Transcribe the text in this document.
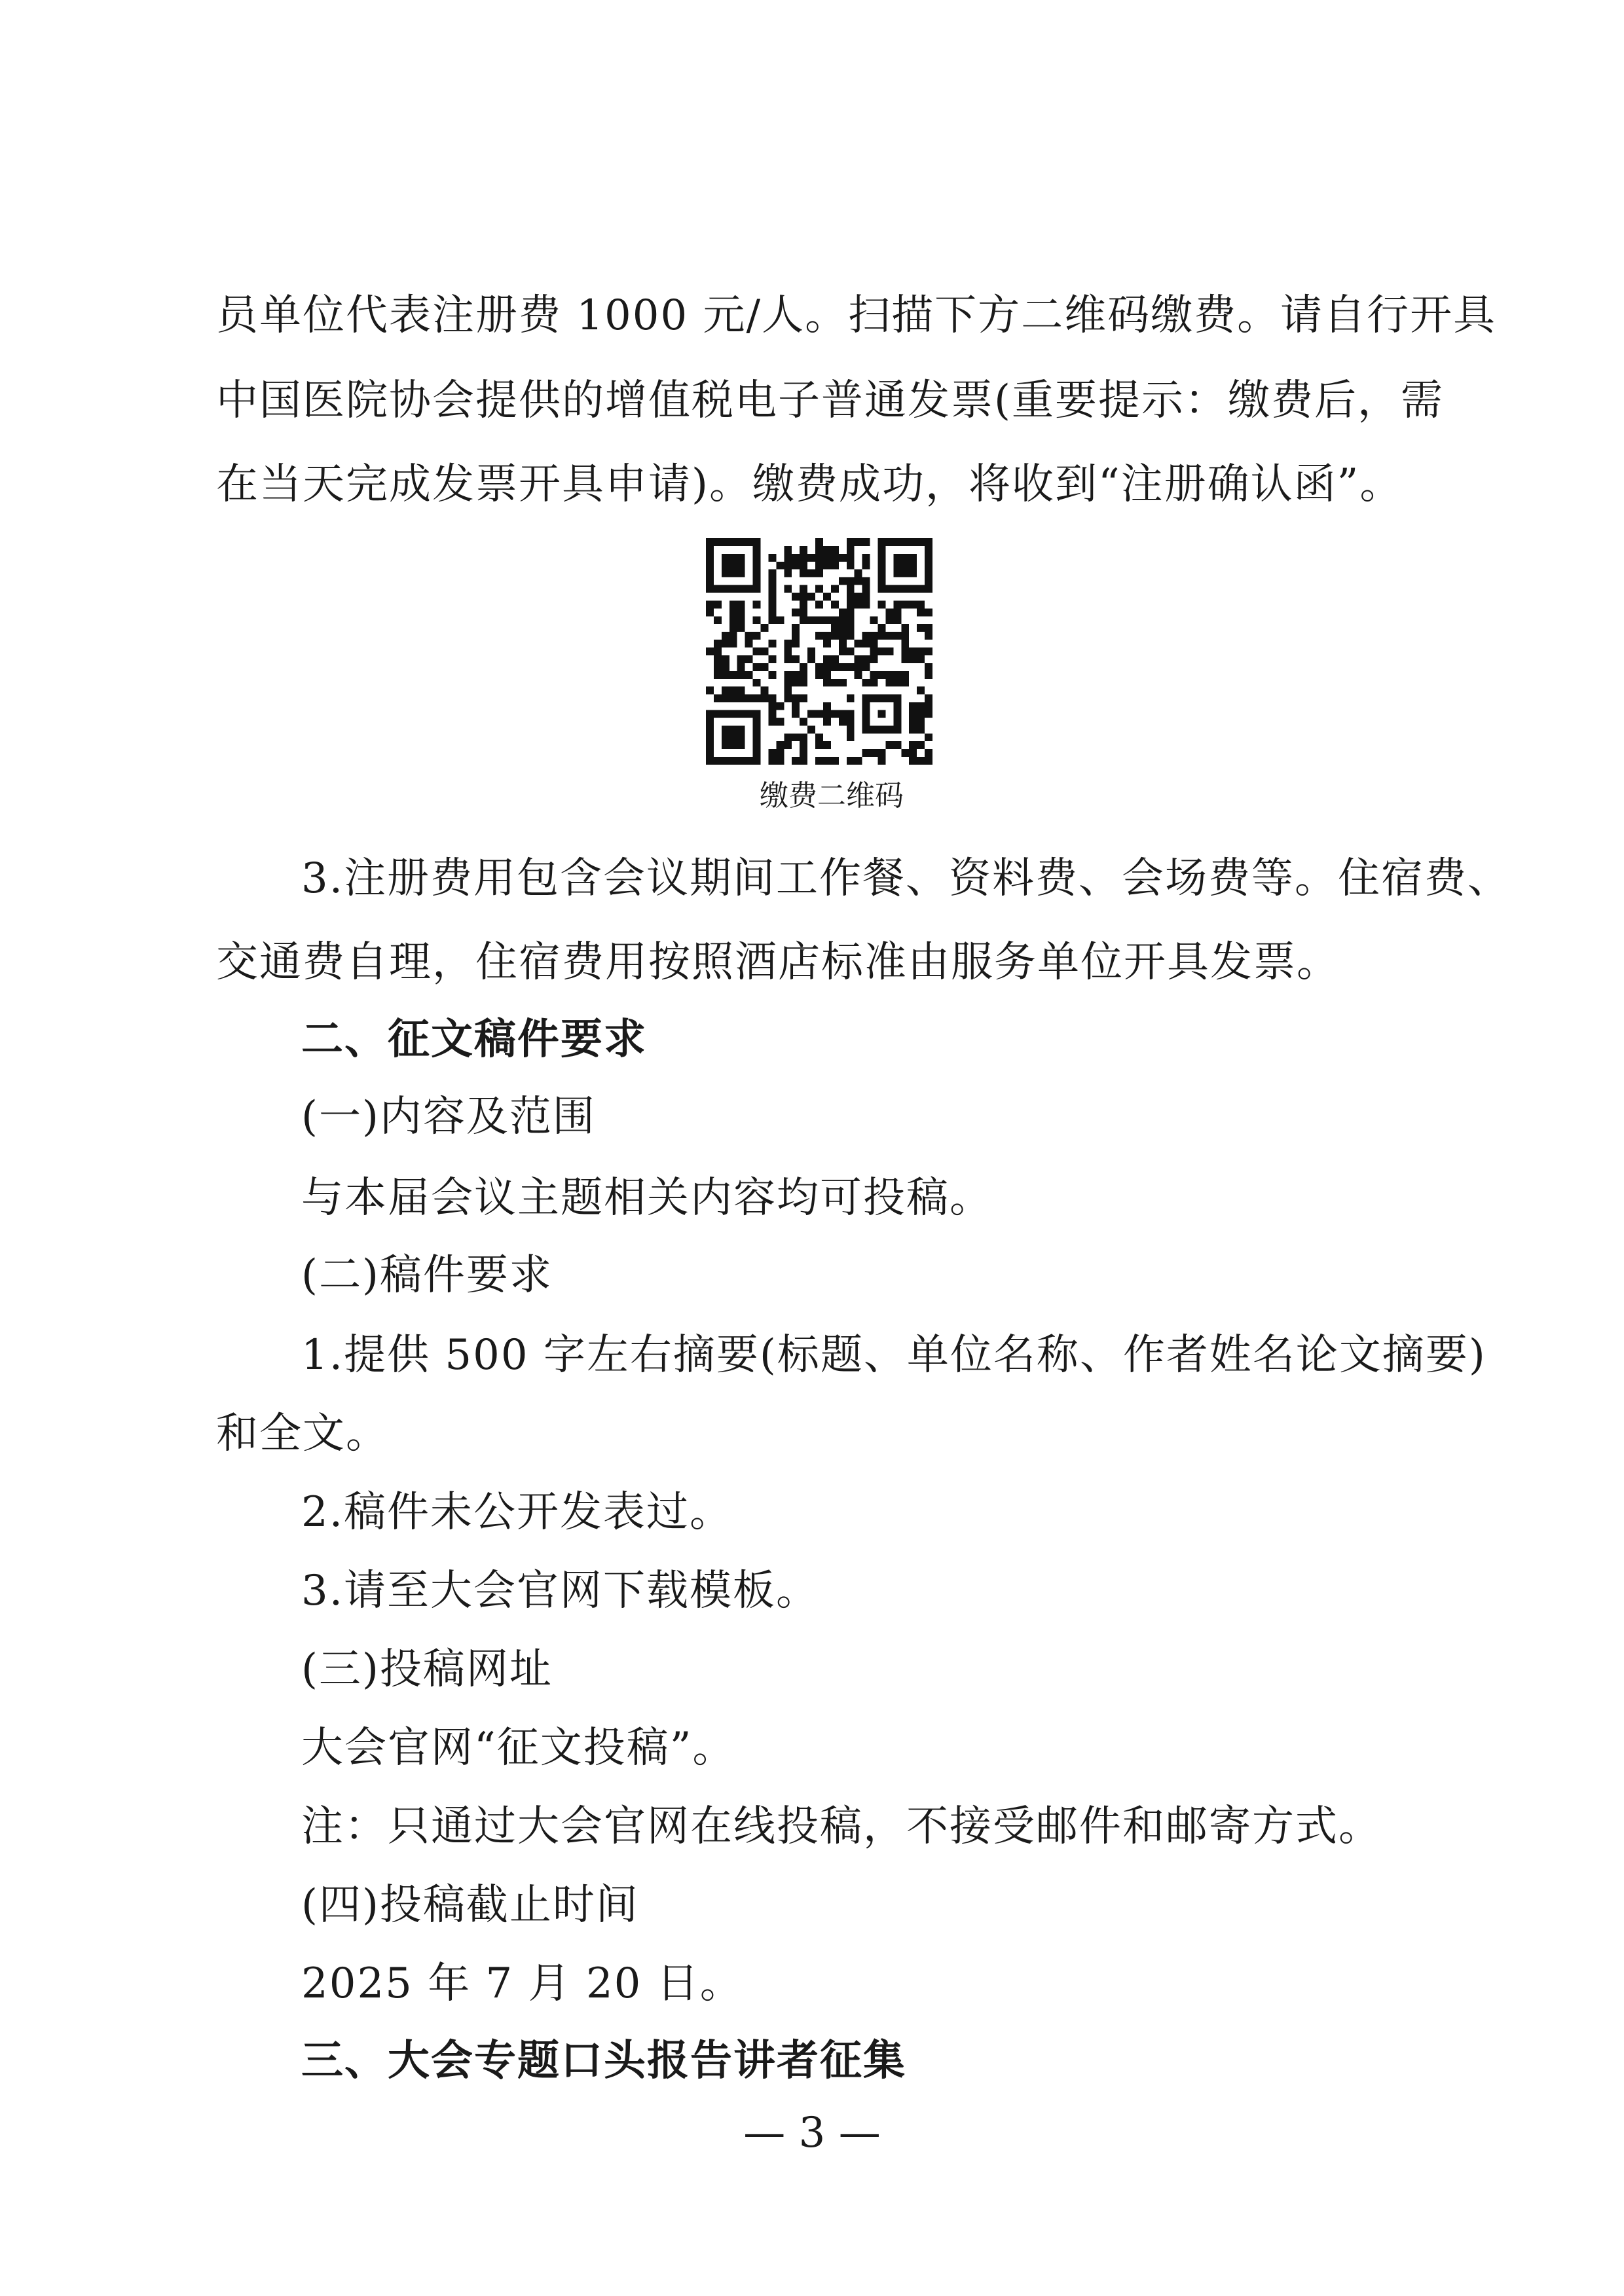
员单位代表注册费 1000 元/人。扫描下方二维码缴费。请自行开具
中国医院协会提供的增值税电子普通发票(重要提示：缴费后，需
在当天完成发票开具申请)。缴费成功，将收到“注册确认函”。
缴费二维码
3.注册费用包含会议期间工作餐、资料费、会场费等。住宿费、
交通费自理，住宿费用按照酒店标准由服务单位开具发票。
二、征文稿件要求
(一)内容及范围
与本届会议主题相关内容均可投稿。
(二)稿件要求
1.提供 500 字左右摘要(标题、单位名称、作者姓名论文摘要)
和全文。
2.稿件未公开发表过。
3.请至大会官网下载模板。
(三)投稿网址
大会官网“征文投稿”。
注：只通过大会官网在线投稿，不接受邮件和邮寄方式。
(四)投稿截止时间
2025 年 7 月 20 日。
三、大会专题口头报告讲者征集
— 3 —
